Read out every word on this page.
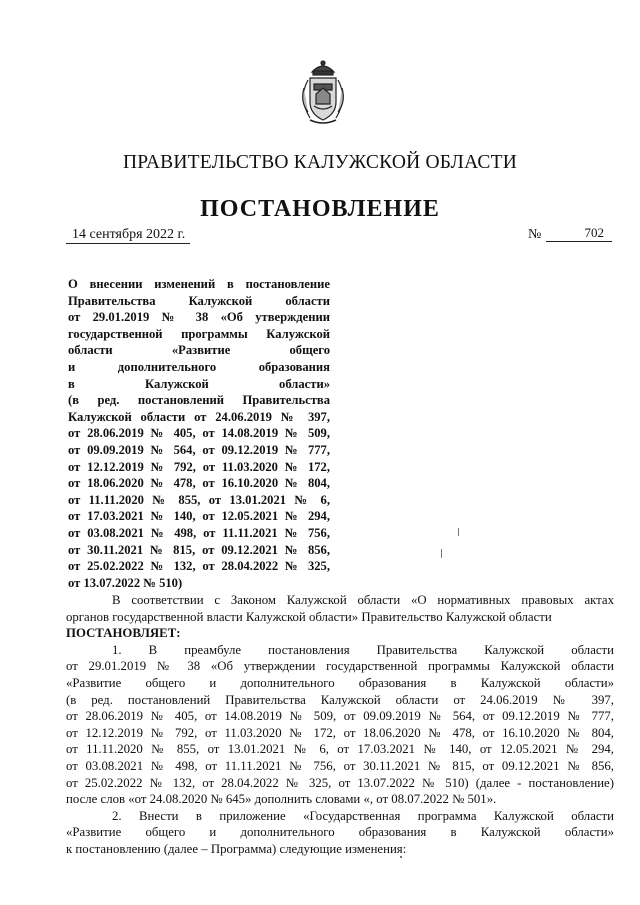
ПРАВИТЕЛЬСТВО КАЛУЖСКОЙ ОБЛАСТИ
ПОСТАНОВЛЕНИЕ
14 сентября 2022 г.	№	702
О внесении изменений в постановление
Правительства Калужской области
от 29.01.2019 № 38 «Об утверждении
государственной программы Калужской
области «Развитие общего
и дополнительного образования
в Калужской области»
(в ред. постановлений Правительства
Калужской области от 24.06.2019 № 397,
от 28.06.2019 № 405, от 14.08.2019 № 509,
от 09.09.2019 № 564, от 09.12.2019 № 777,
от 12.12.2019 № 792, от 11.03.2020 № 172,
от 18.06.2020 № 478, от 16.10.2020 № 804,
от 11.11.2020 № 855, от 13.01.2021 № 6,
от 17.03.2021 № 140, от 12.05.2021 № 294,
от 03.08.2021 № 498, от 11.11.2021 № 756,
от 30.11.2021 № 815, от 09.12.2021 № 856,
от 25.02.2022 № 132, от 28.04.2022 № 325,
от 13.07.2022 № 510)
В соответствии с Законом Калужской области «О нормативных правовых актах
органов государственной власти Калужской области» Правительство Калужской области
ПОСТАНОВЛЯЕТ:
1. В преамбуле постановления Правительства Калужской области
от 29.01.2019 № 38 «Об утверждении государственной программы Калужской области
«Развитие общего и дополнительного образования в Калужской области»
(в ред. постановлений Правительства Калужской области от 24.06.2019 № 397,
от 28.06.2019 № 405, от 14.08.2019 № 509, от 09.09.2019 № 564, от 09.12.2019 № 777,
от 12.12.2019 № 792, от 11.03.2020 № 172, от 18.06.2020 № 478, от 16.10.2020 № 804,
от 11.11.2020 № 855, от 13.01.2021 № 6, от 17.03.2021 № 140, от 12.05.2021 № 294,
от 03.08.2021 № 498, от 11.11.2021 № 756, от 30.11.2021 № 815, от 09.12.2021 № 856,
от 25.02.2022 № 132, от 28.04.2022 № 325, от 13.07.2022 № 510) (далее - постановление)
после слов «от 24.08.2020 № 645» дополнить словами «, от 08.07.2022 № 501».
2. Внести в приложение «Государственная программа Калужской области
«Развитие общего и дополнительного образования в Калужской области»
к постановлению (далее – Программа) следующие изменения:
